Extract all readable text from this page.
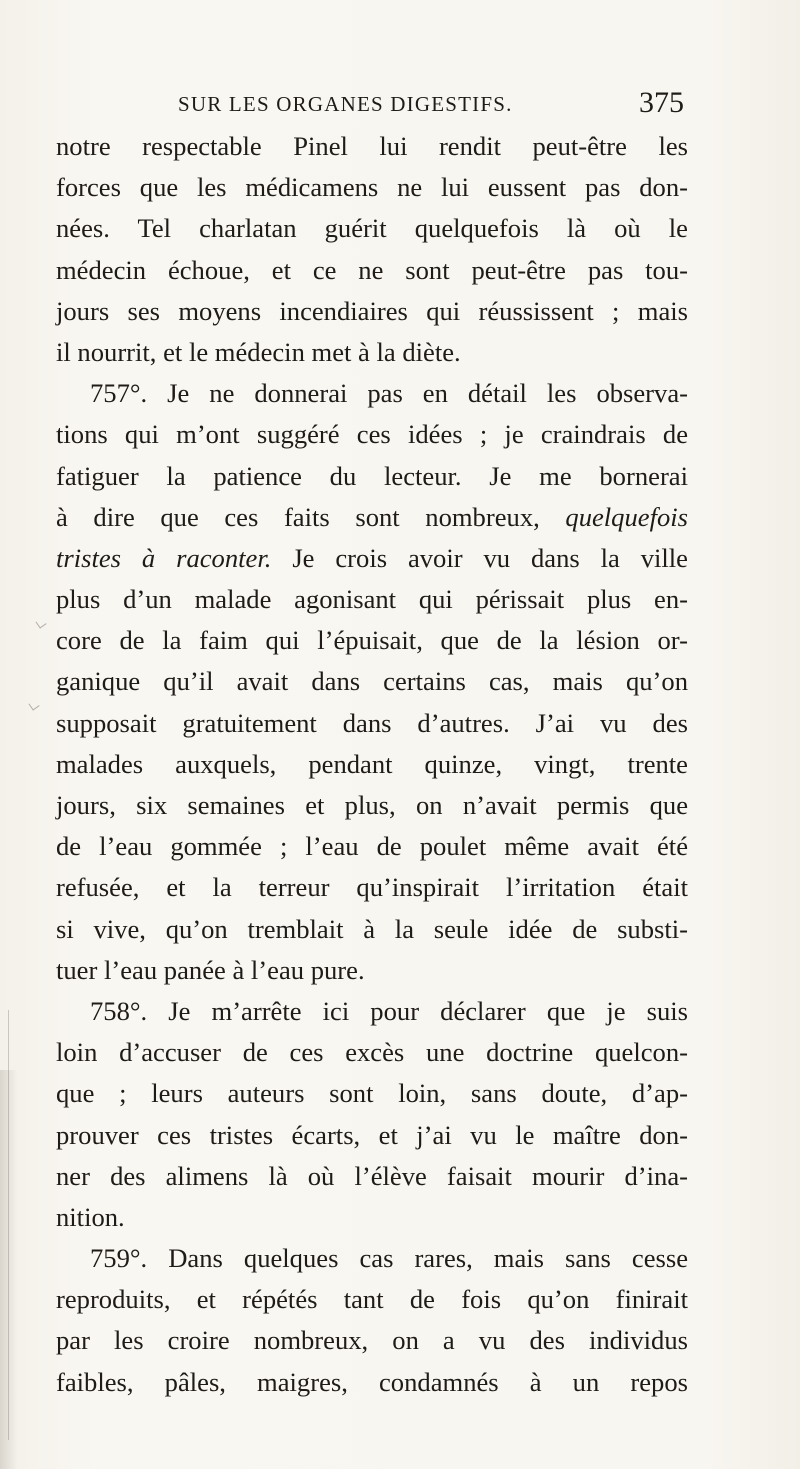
SUR LES ORGANES DIGESTIFS.	375
notre respectable Pinel lui rendit peut-être les
forces que les médicamens ne lui eussent pas don-
nées. Tel charlatan guérit quelquefois là où le
médecin échoue, et ce ne sont peut-être pas tou-
jours ses moyens incendiaires qui réussissent ; mais
il nourrit, et le médecin met à la diète.
757°. Je ne donnerai pas en détail les observa-
tions qui m’ont suggéré ces idées ; je craindrais de
fatiguer la patience du lecteur. Je me bornerai
à dire que ces faits sont nombreux, quelquefois
tristes à raconter. Je crois avoir vu dans la ville
plus d’un malade agonisant qui périssait plus en-
core de la faim qui l’épuisait, que de la lésion or-
ganique qu’il avait dans certains cas, mais qu’on
supposait gratuitement dans d’autres. J’ai vu des
malades auxquels, pendant quinze, vingt, trente
jours, six semaines et plus, on n’avait permis que
de l’eau gommée ; l’eau de poulet même avait été
refusée, et la terreur qu’inspirait l’irritation était
si vive, qu’on tremblait à la seule idée de substi-
tuer l’eau panée à l’eau pure.
758°. Je m’arrête ici pour déclarer que je suis
loin d’accuser de ces excès une doctrine quelcon-
que ; leurs auteurs sont loin, sans doute, d’ap-
prouver ces tristes écarts, et j’ai vu le maître don-
ner des alimens là où l’élève faisait mourir d’ina-
nition.
759°. Dans quelques cas rares, mais sans cesse
reproduits, et répétés tant de fois qu’on finirait
par les croire nombreux, on a vu des individus
faibles, pâles, maigres, condamnés à un repos
